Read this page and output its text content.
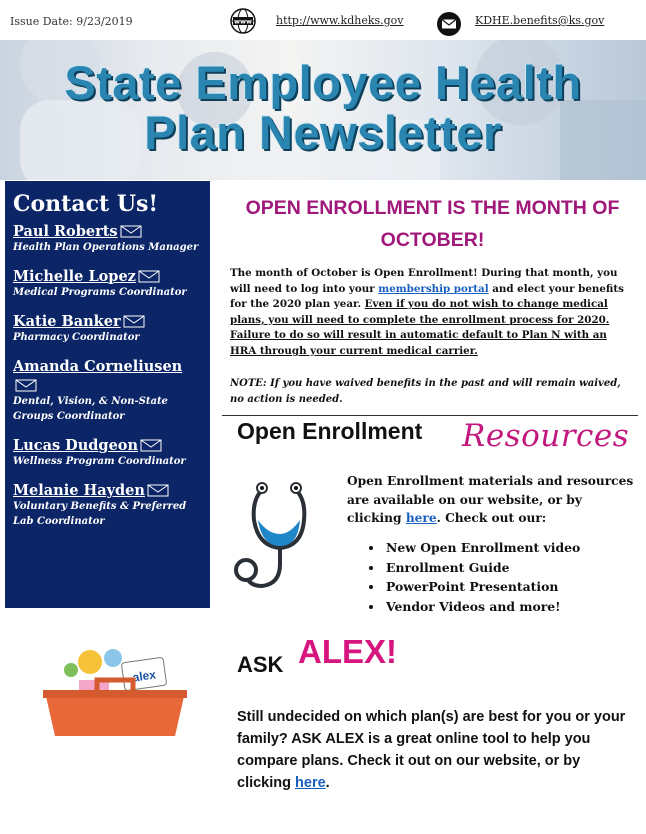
Issue Date: 9/23/2019	www http://www.kdheks.gov	KDHE.benefits@ks.gov
State Employee Health
Plan Newsletter
Contact Us!
Paul Roberts
Health Plan Operations Manager
Michelle Lopez
Medical Programs Coordinator
Katie Banker
Pharmacy Coordinator
Amanda Corneliusen
Dental, Vision, & Non-State Groups Coordinator
Lucas Dudgeon
Wellness Program Coordinator
Melanie Hayden
Voluntary Benefits & Preferred Lab Coordinator
OPEN ENROLLMENT IS THE MONTH OF
OCTOBER!
The month of October is Open Enrollment! During that month, you will need to log into your membership portal and elect your benefits for the 2020 plan year. Even if you do not wish to change medical plans, you will need to complete the enrollment process for 2020. Failure to do so will result in automatic default to Plan N with an HRA through your current medical carrier.
NOTE: If you have waived benefits in the past and will remain waived, no action is needed.
Open Enrollment Resources
Open Enrollment materials and resources are available on our website, or by clicking here. Check out our:
• New Open Enrollment video
• Enrollment Guide
• PowerPoint Presentation
• Vendor Videos and more!
alex	ASK ALEX!
Still undecided on which plan(s) are best for you or your family? ASK ALEX is a great online tool to help you compare plans. Check it out on our website, or by clicking here.
